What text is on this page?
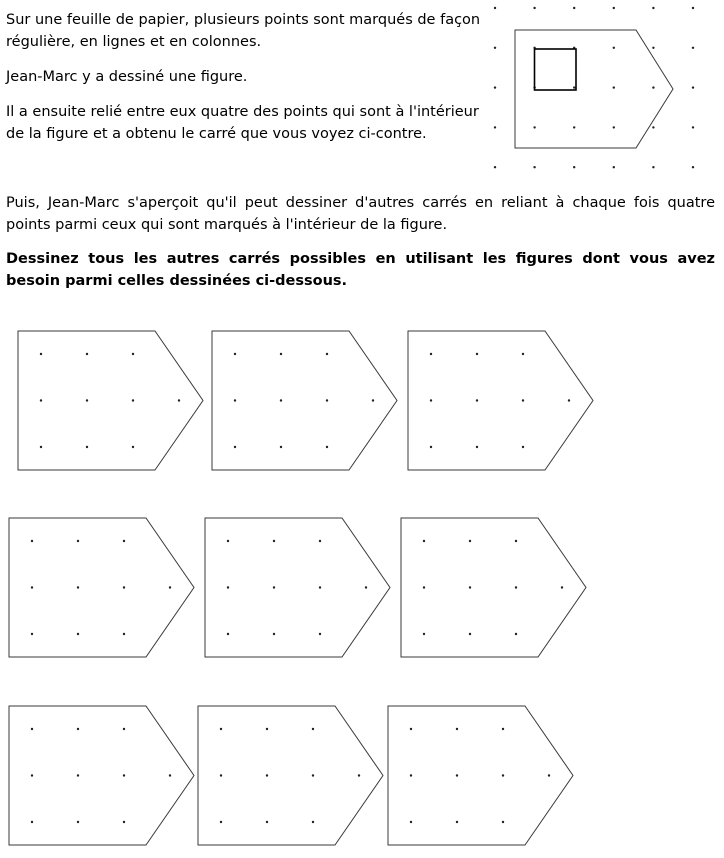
Sur une feuille de papier, plusieurs points sont marqués de façon régulière, en lignes et en colonnes.

Jean-Marc y a dessiné une figure.

Il a ensuite relié entre eux quatre des points qui sont à l'intérieur de la figure et a obtenu le carré que vous voyez ci-contre.

Puis, Jean-Marc s'aperçoit qu'il peut dessiner d'autres carrés en reliant à chaque fois quatre points parmi ceux qui sont marqués à l'intérieur de la figure.

Dessinez tous les autres carrés possibles en utilisant les figures dont vous avez besoin parmi celles dessinées ci-dessous.
